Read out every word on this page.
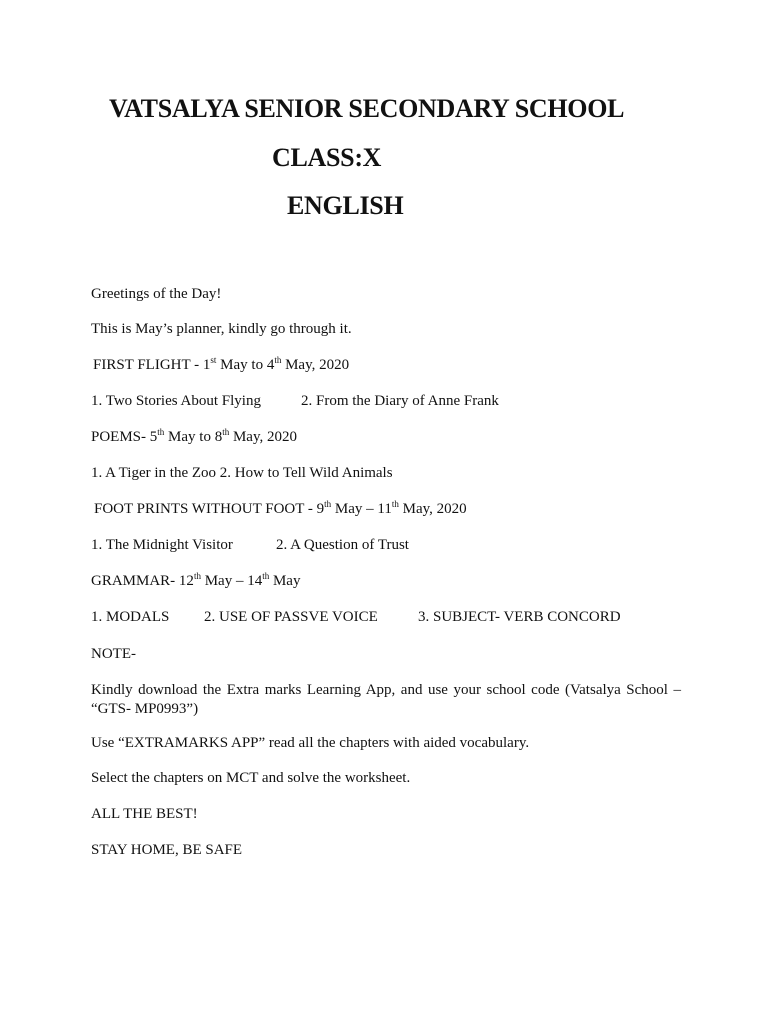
VATSALYA SENIOR SECONDARY SCHOOL
CLASS:X
ENGLISH
Greetings of the Day!
This is May’s planner, kindly go through it.
FIRST FLIGHT - 1st May to 4th May, 2020
1. Two Stories About Flying	2. From the Diary of Anne Frank
POEMS- 5th May to 8th May, 2020
1. A Tiger in the Zoo 2. How to Tell Wild Animals
FOOT PRINTS WITHOUT FOOT - 9th May – 11th May, 2020
1. The Midnight Visitor	2. A Question of Trust
GRAMMAR- 12th May – 14th May
1. MODALS 2. USE OF PASSVE VOICE	3. SUBJECT- VERB CONCORD
NOTE-
Kindly download the Extra marks Learning App, and use your school code (Vatsalya School – “GTS- MP0993”)
Use “EXTRAMARKS APP” read all the chapters with aided vocabulary.
Select the chapters on MCT and solve the worksheet.
ALL THE BEST!
STAY HOME, BE SAFE
